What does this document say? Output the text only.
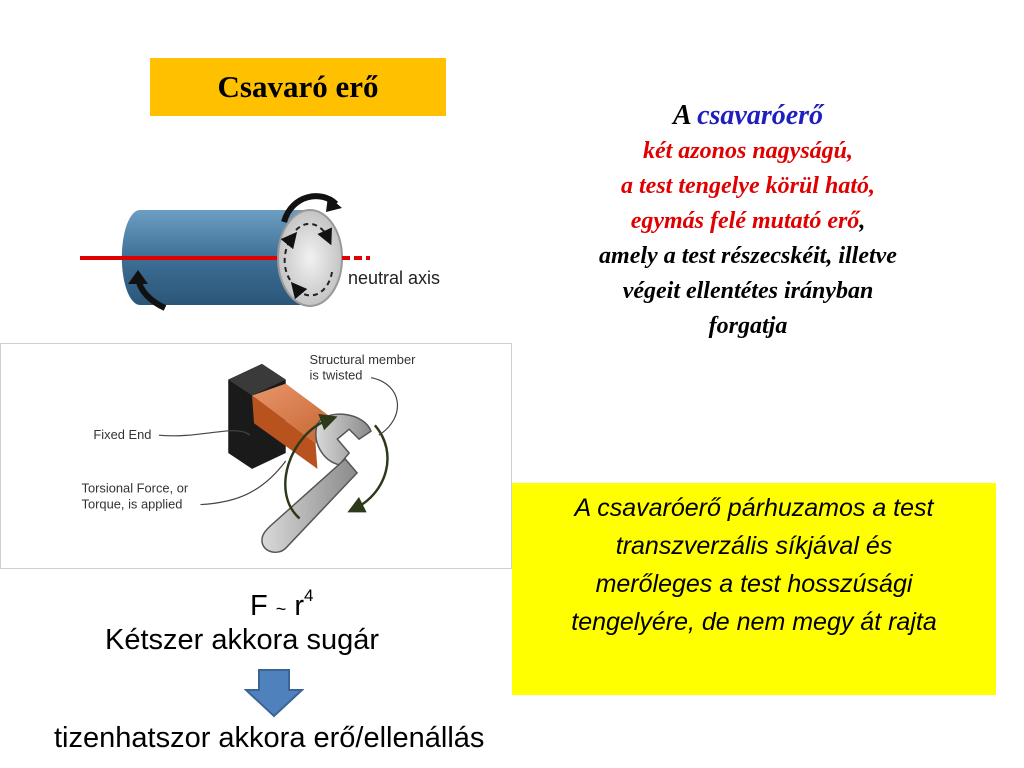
Csavaró erő
A csavaróerő
két azonos nagyságú,
a test tengelye körül ható,
egymás felé mutató erő,
amely a test részecskéit, illetve
végeit ellentétes irányban
forgatja
neutral axis
Structural member
is twisted
Fixed End
Torsional Force, or
Torque, is applied	A csavaróerő párhuzamos a test
transzverzális síkjával és
merőleges a test hosszúsági
tengelyére, de nem megy át rajta
F ~ $r^4$
Kétszer akkora sugár
tizenhatszor akkora erő/ellenállás
